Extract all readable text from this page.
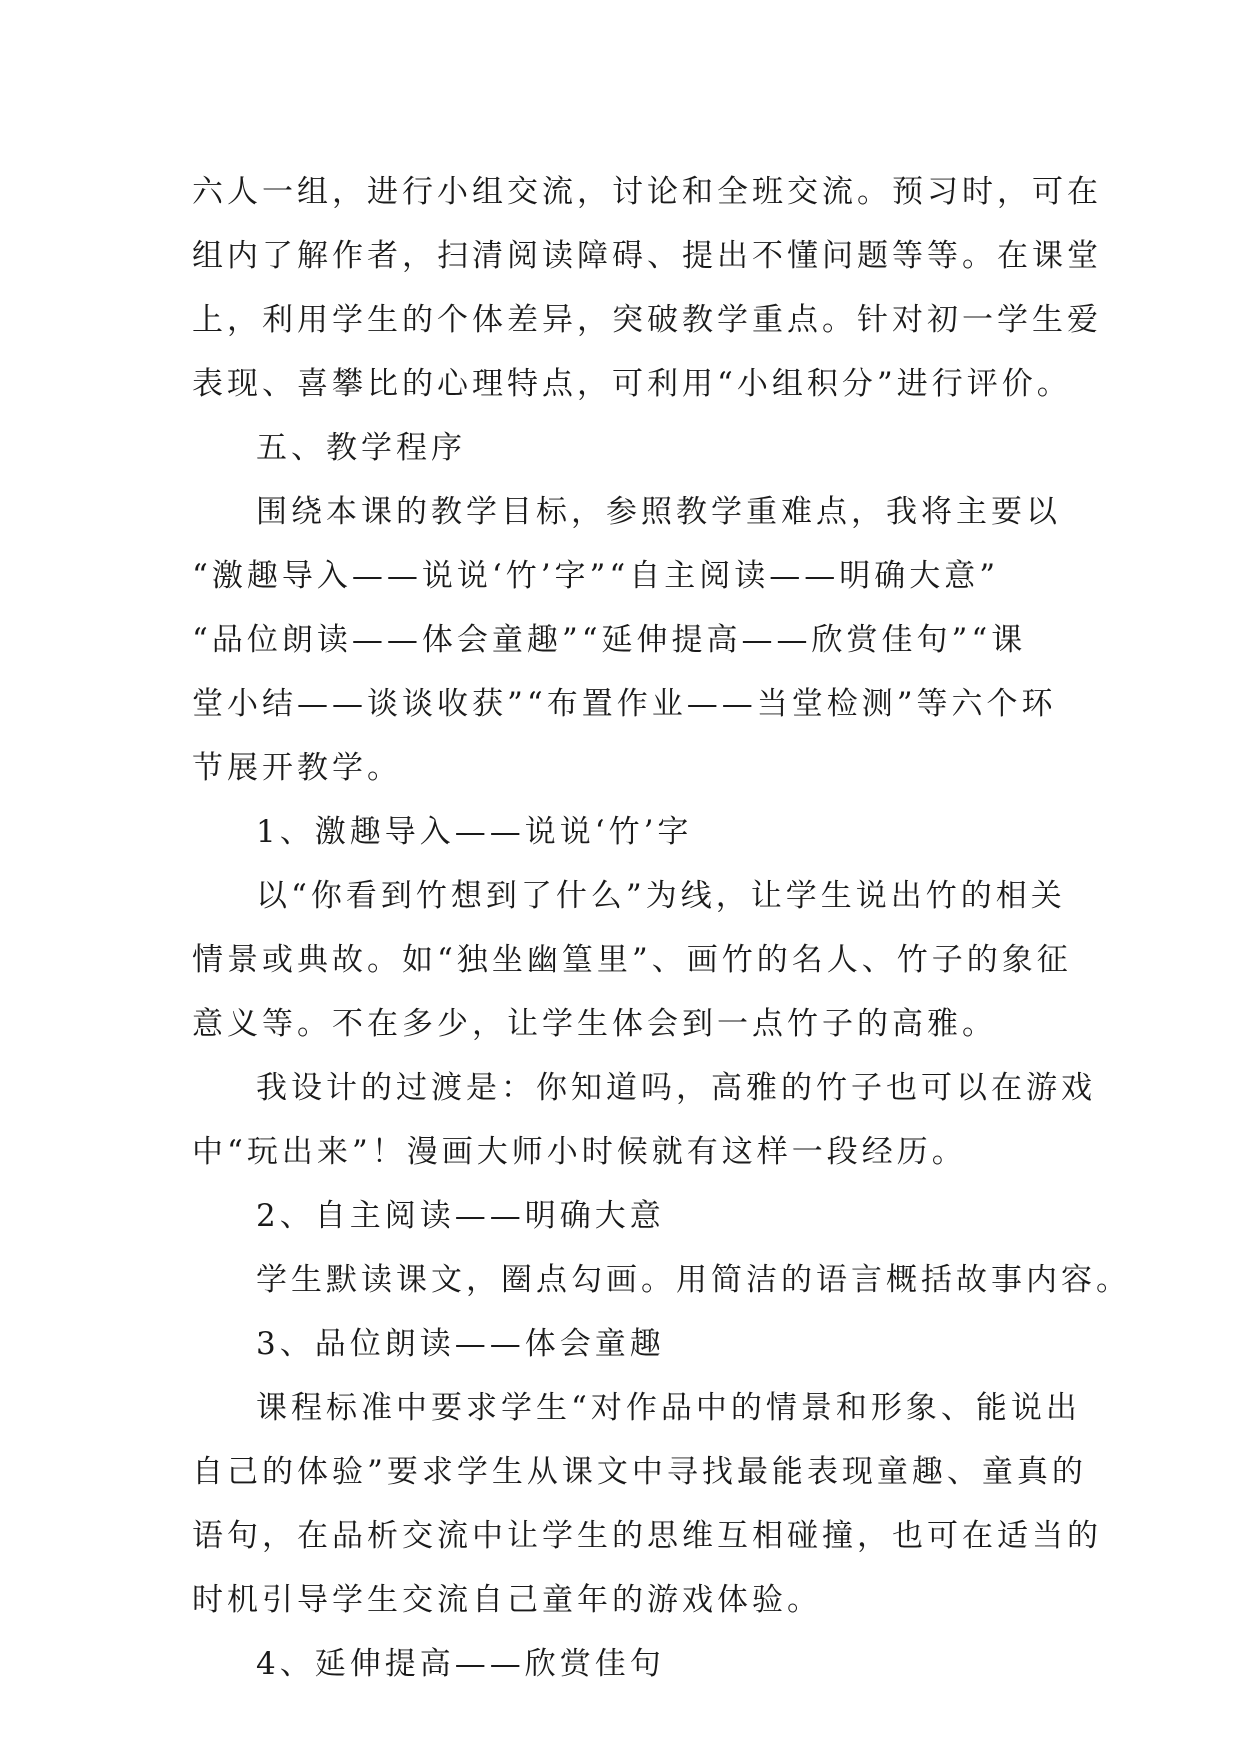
六人一组，进行小组交流，讨论和全班交流。预习时，可在
组内了解作者，扫清阅读障碍、提出不懂问题等等。在课堂
上，利用学生的个体差异，突破教学重点。针对初一学生爱
表现、喜攀比的心理特点，可利用“小组积分”进行评价。
五、教学程序
围绕本课的教学目标，参照教学重难点，我将主要以
“激趣导入——说说‘竹’字”“自主阅读——明确大意”
“品位朗读——体会童趣”“延伸提高——欣赏佳句”“课
堂小结——谈谈收获”“布置作业——当堂检测”等六个环
节展开教学。
1、激趣导入——说说‘竹’字
以“你看到竹想到了什么”为线，让学生说出竹的相关
情景或典故。如“独坐幽篁里”、画竹的名人、竹子的象征
意义等。不在多少，让学生体会到一点竹子的高雅。
我设计的过渡是：你知道吗，高雅的竹子也可以在游戏
中“玩出来”！漫画大师小时候就有这样一段经历。
2、自主阅读——明确大意
学生默读课文，圈点勾画。用简洁的语言概括故事内容。
3、品位朗读——体会童趣
课程标准中要求学生“对作品中的情景和形象、能说出
自己的体验”要求学生从课文中寻找最能表现童趣、童真的
语句，在品析交流中让学生的思维互相碰撞，也可在适当的
时机引导学生交流自己童年的游戏体验。
4、延伸提高——欣赏佳句
